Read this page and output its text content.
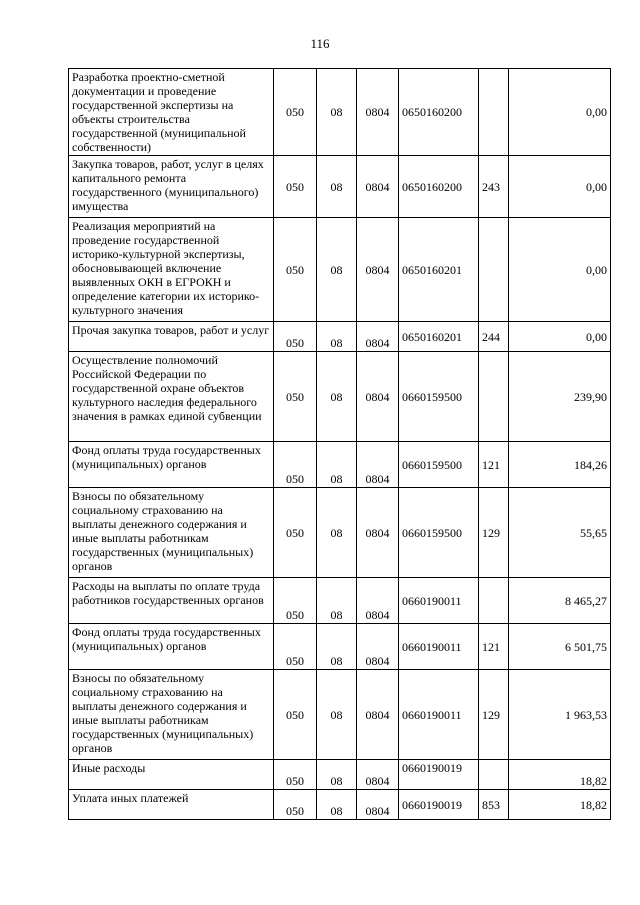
116
Разработка проектно-сметной документации и проведение государственной экспертизы на объекты строительства государственной (муниципальной собственности)	050	08	0804	0650160200		0,00
Закупка товаров, работ, услуг в целях капитального ремонта государственного (муниципального) имущества	050	08	0804	0650160200	243	0,00
Реализация мероприятий на проведение государственной историко-культурной экспертизы, обосновывающей включение выявленных ОКН в ЕГРОКН и определение категории их историко-культурного значения	050	08	0804	0650160201		0,00
Прочая закупка товаров, работ и услуг	050	08	0804	0650160201	244	0,00
Осуществление полномочий Российской Федерации по государственной охране объектов культурного наследия федерального значения в рамках единой субвенции	050	08	0804	0660159500		239,90
Фонд оплаты труда государственных (муниципальных) органов	050	08	0804	0660159500	121	184,26
Взносы по обязательному социальному страхованию на выплаты денежного содержания и иные выплаты работникам государственных (муниципальных) органов	050	08	0804	0660159500	129	55,65
Расходы на выплаты по оплате труда работников государственных органов	050	08	0804	0660190011		8 465,27
Фонд оплаты труда государственных (муниципальных) органов	050	08	0804	0660190011	121	6 501,75
Взносы по обязательному социальному страхованию на выплаты денежного содержания и иные выплаты работникам государственных (муниципальных) органов	050	08	0804	0660190011	129	1 963,53
Иные расходы	050	08	0804	0660190019		18,82
Уплата иных платежей	050	08	0804	0660190019	853	18,82
